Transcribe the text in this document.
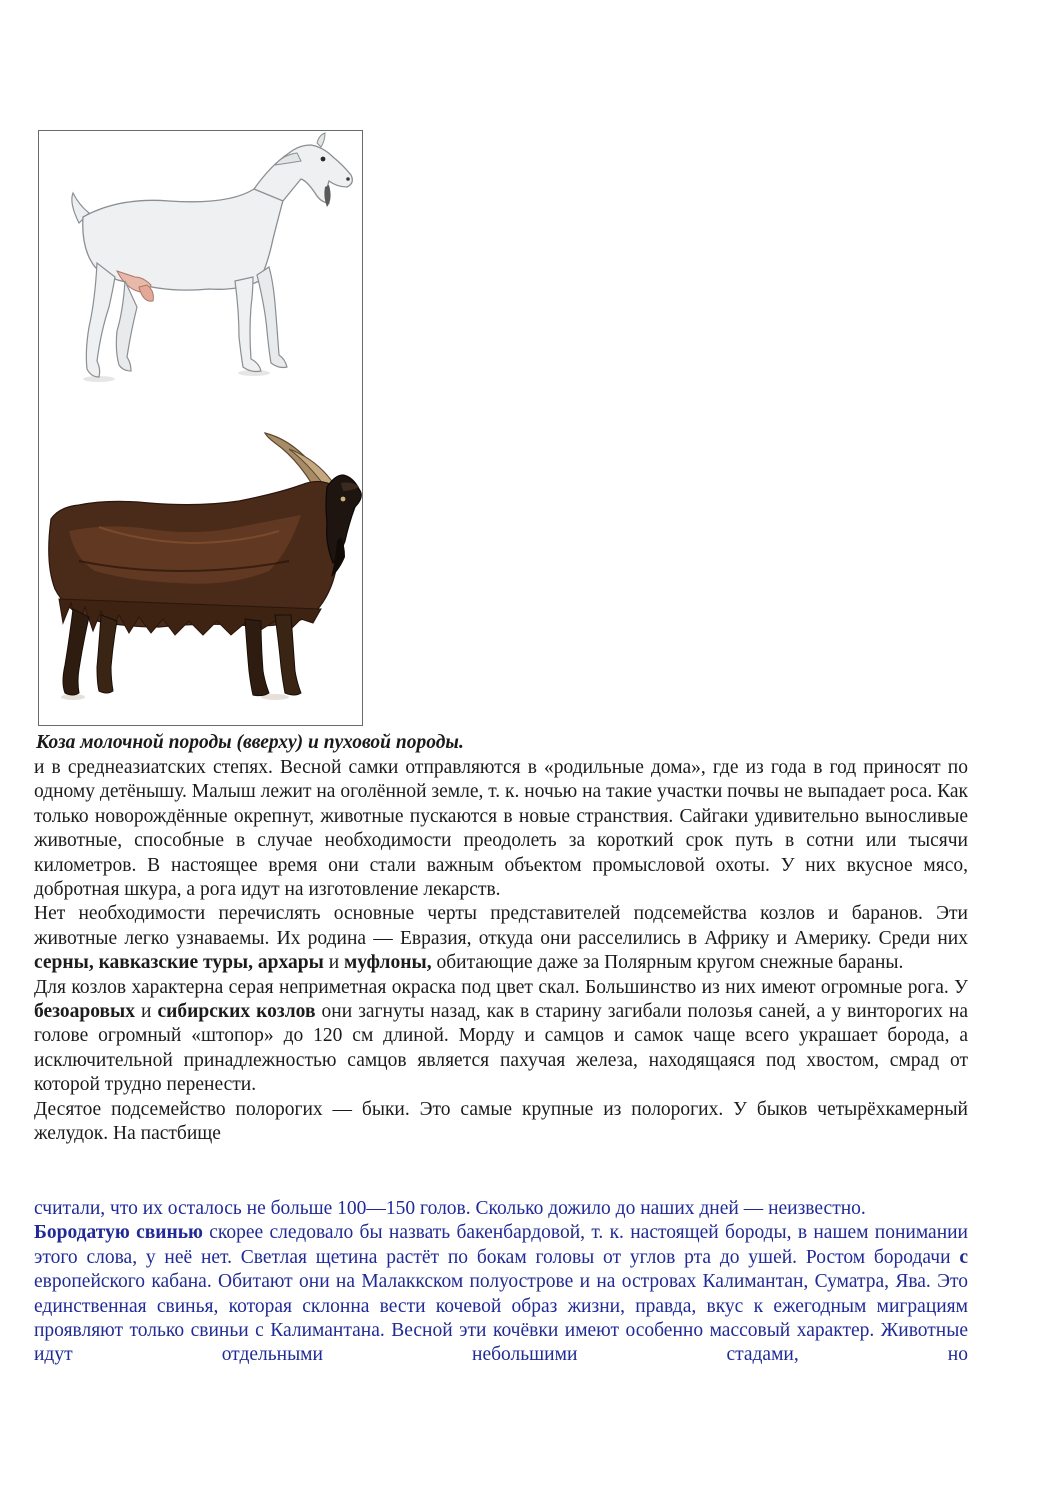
Коза молочной породы (вверху) и пуховой породы.

и в среднеазиатских степях. Весной самки отправляются в «родильные дома», где из года в год приносят по одному детёнышу. Малыш лежит на оголённой земле, т. к. ночью на такие участки почвы не выпадает роса. Как только новорождённые окрепнут, животные пускаются в новые странствия. Сайгаки удивительно выносливые животные, способные в случае необходимости преодолеть за короткий срок путь в сотни или тысячи километров. В настоящее время они стали важным объектом промысловой охоты. У них вкусное мясо, добротная шкура, а рога идут на изготовление лекарств.

Нет необходимости перечислять основные черты представителей подсемейства козлов и баранов. Эти животные легко узнаваемы. Их родина — Евразия, откуда они расселились в Африку и Америку. Среди них серны, кавказские туры, архары и муфлоны, обитающие даже за Полярным кругом снежные бараны.

Для козлов характерна серая неприметная окраска под цвет скал. Большинство из них имеют огромные рога. У безоаровых и сибирских козлов они загнуты назад, как в старину загибали полозья саней, а у винторогих на голове огромный «штопор» до 120 см длиной. Морду и самцов и самок чаще всего украшает борода, а исключительной принадлежностью самцов является пахучая железа, находящаяся под хвостом, смрад от которой трудно перенести.

Десятое подсемейство полорогих — быки. Это самые крупные из полорогих. У быков четырёхкамерный желудок. На пастбище

считали, что их осталось не больше 100—150 голов. Сколько дожило до наших дней — неизвестно.

Бородатую свинью скорее следовало бы назвать бакенбардовой, т. к. настоящей бороды, в нашем понимании этого слова, у неё нет. Светлая щетина растёт по бокам головы от углов рта до ушей. Ростом бородачи с европейского кабана. Обитают они на Малаккском полуострове и на островах Калимантан, Суматра, Ява. Это единственная свинья, которая склонна вести кочевой образ жизни, правда, вкус к ежегодным миграциям проявляют только свиньи с Калимантана. Весной эти кочёвки имеют особенно массовый характер. Животные идут отдельными небольшими стадами, но
